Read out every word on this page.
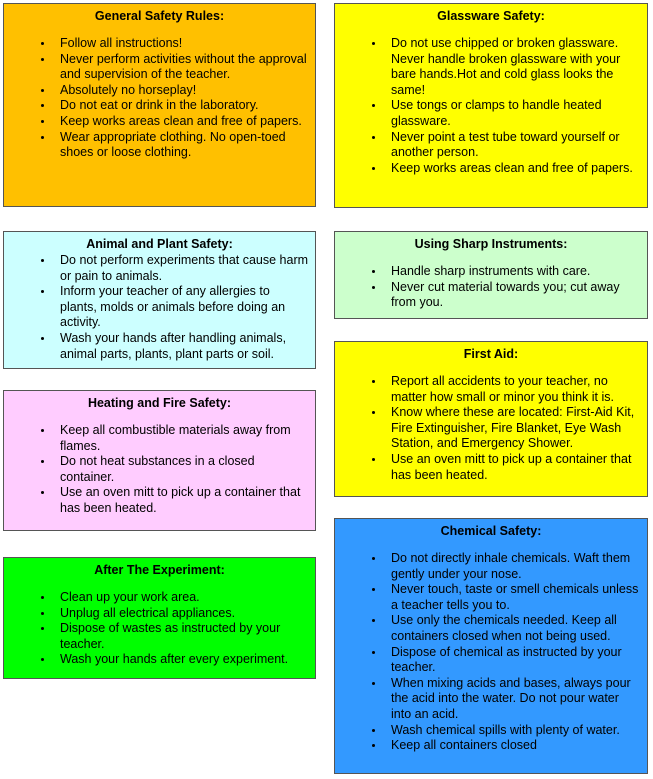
General Safety Rules:
• Follow all instructions!
• Never perform activities without the approval and supervision of the teacher.
• Absolutely no horseplay!
• Do not eat or drink in the laboratory.
• Keep works areas clean and free of papers.
• Wear appropriate clothing. No open-toed shoes or loose clothing.
Glassware Safety:
• Do not use chipped or broken glassware. Never handle broken glassware with your bare hands.Hot and cold glass looks the same!
• Use tongs or clamps to handle heated glassware.
• Never point a test tube toward yourself or another person.
• Keep works areas clean and free of papers.
Animal and Plant Safety:
• Do not perform experiments that cause harm or pain to animals.
• Inform your teacher of any allergies to plants, molds or animals before doing an activity.
• Wash your hands after handling animals, animal parts, plants, plant parts or soil.
Using Sharp Instruments:
• Handle sharp instruments with care.
• Never cut material towards you; cut away from you.
First Aid:
• Report all accidents to your teacher, no matter how small or minor you think it is.
• Know where these are located: First-Aid Kit, Fire Extinguisher, Fire Blanket, Eye Wash Station, and Emergency Shower.
• Use an oven mitt to pick up a container that has been heated.
Heating and Fire Safety:
• Keep all combustible materials away from flames.
• Do not heat substances in a closed container.
• Use an oven mitt to pick up a container that has been heated.
After The Experiment:
• Clean up your work area.
• Unplug all electrical appliances.
• Dispose of wastes as instructed by your teacher.
• Wash your hands after every experiment.
Chemical Safety:
• Do not directly inhale chemicals. Waft them gently under your nose.
• Never touch, taste or smell chemicals unless a teacher tells you to.
• Use only the chemicals needed. Keep all containers closed when not being used.
• Dispose of chemical as instructed by your teacher.
• When mixing acids and bases, always pour the acid into the water. Do not pour water into an acid.
• Wash chemical spills with plenty of water.
• Keep all containers closed
